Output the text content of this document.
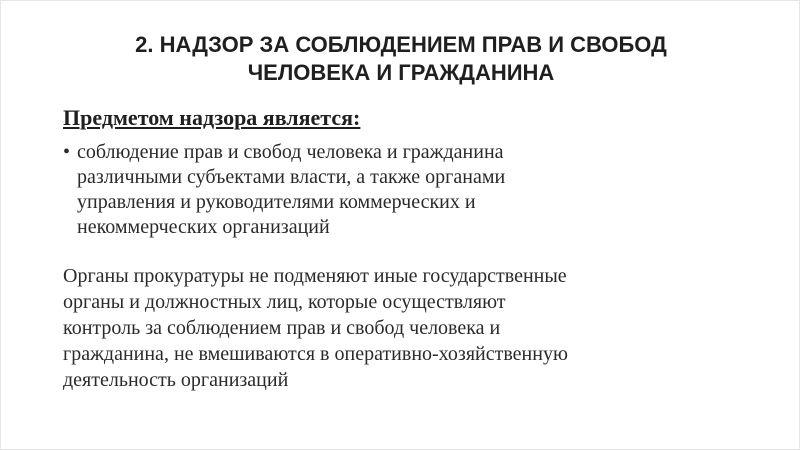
2. НАДЗОР ЗА СОБЛЮДЕНИЕМ ПРАВ И СВОБОД
ЧЕЛОВЕКА И ГРАЖДАНИНА
Предметом надзора является:
• соблюдение прав и свобод человека и гражданина
различными субъектами власти, а также органами
управления и руководителями коммерческих и
некоммерческих организаций
Органы прокуратуры не подменяют иные государственные
органы и должностных лиц, которые осуществляют
контроль за соблюдением прав и свобод человека и
гражданина, не вмешиваются в оперативно-хозяйственную
деятельность организаций
